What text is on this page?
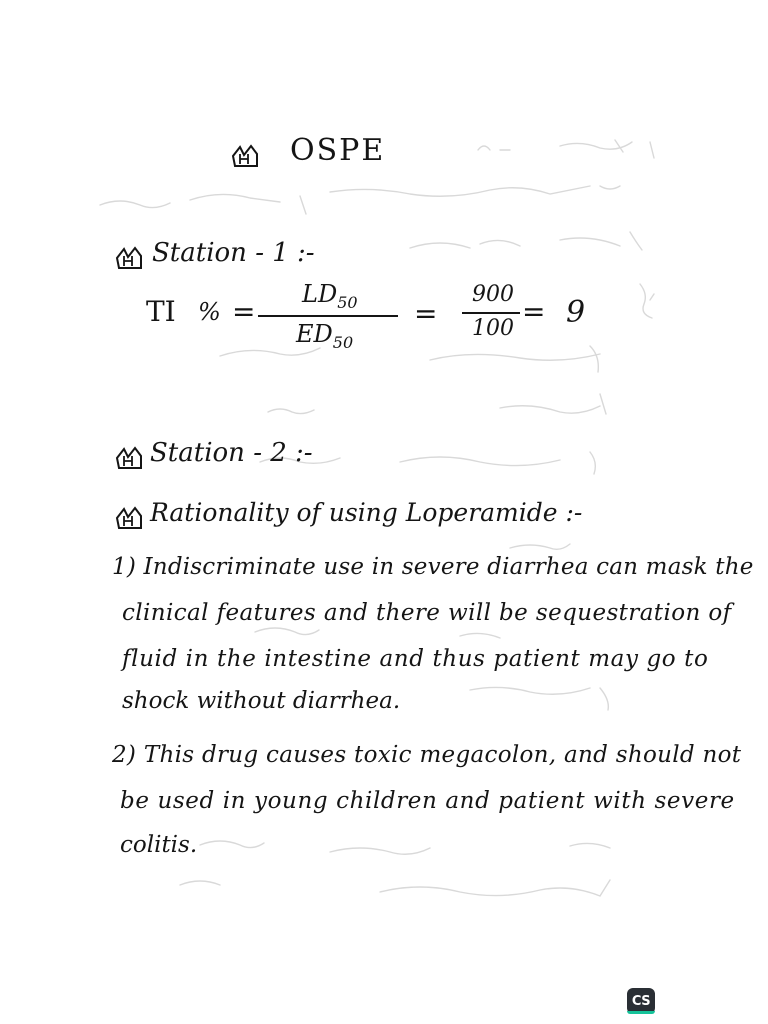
OSPE
Station - 1 :-
TI % =
$LD_{50}$
$ED_{50}$
=
900
100
= 9
Station - 2 :-
Rationality of using Loperamide :-
1) Indiscriminate use in severe diarrhea can mask the
clinical features and there will be sequestration of
fluid in the intestine and thus patient may go to
shock without diarrhea.
2) This drug causes toxic megacolon, and should not
be used in young children and patient with severe
colitis.
CS
